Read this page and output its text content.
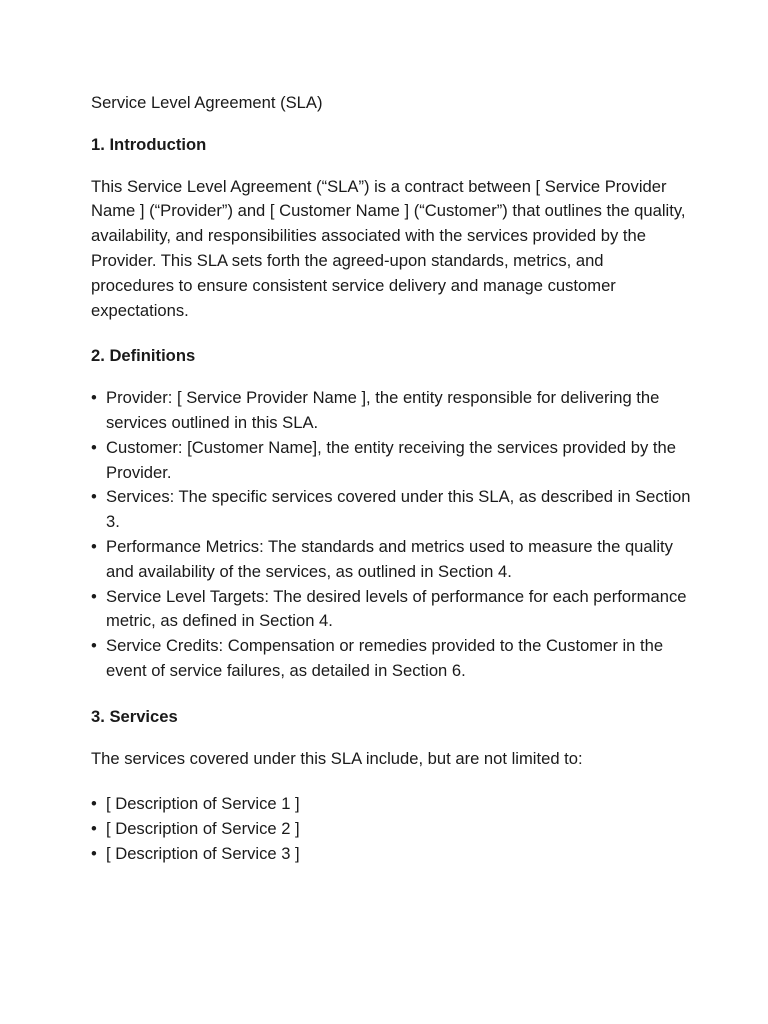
Service Level Agreement (SLA)

1. Introduction

This Service Level Agreement (“SLA”) is a contract between [ Service Provider Name ] (“Provider”) and [ Customer Name ] (“Customer”) that outlines the quality, availability, and responsibilities associated with the services provided by the Provider. This SLA sets forth the agreed-upon standards, metrics, and procedures to ensure consistent service delivery and manage customer expectations.

2. Definitions

• Provider: [ Service Provider Name ], the entity responsible for delivering the services outlined in this SLA.
• Customer: [Customer Name], the entity receiving the services provided by the Provider.
• Services: The specific services covered under this SLA, as described in Section 3.
• Performance Metrics: The standards and metrics used to measure the quality and availability of the services, as outlined in Section 4.
• Service Level Targets: The desired levels of performance for each performance metric, as defined in Section 4.
• Service Credits: Compensation or remedies provided to the Customer in the event of service failures, as detailed in Section 6.

3. Services

The services covered under this SLA include, but are not limited to:

• [ Description of Service 1 ]
• [ Description of Service 2 ]
• [ Description of Service 3 ]
